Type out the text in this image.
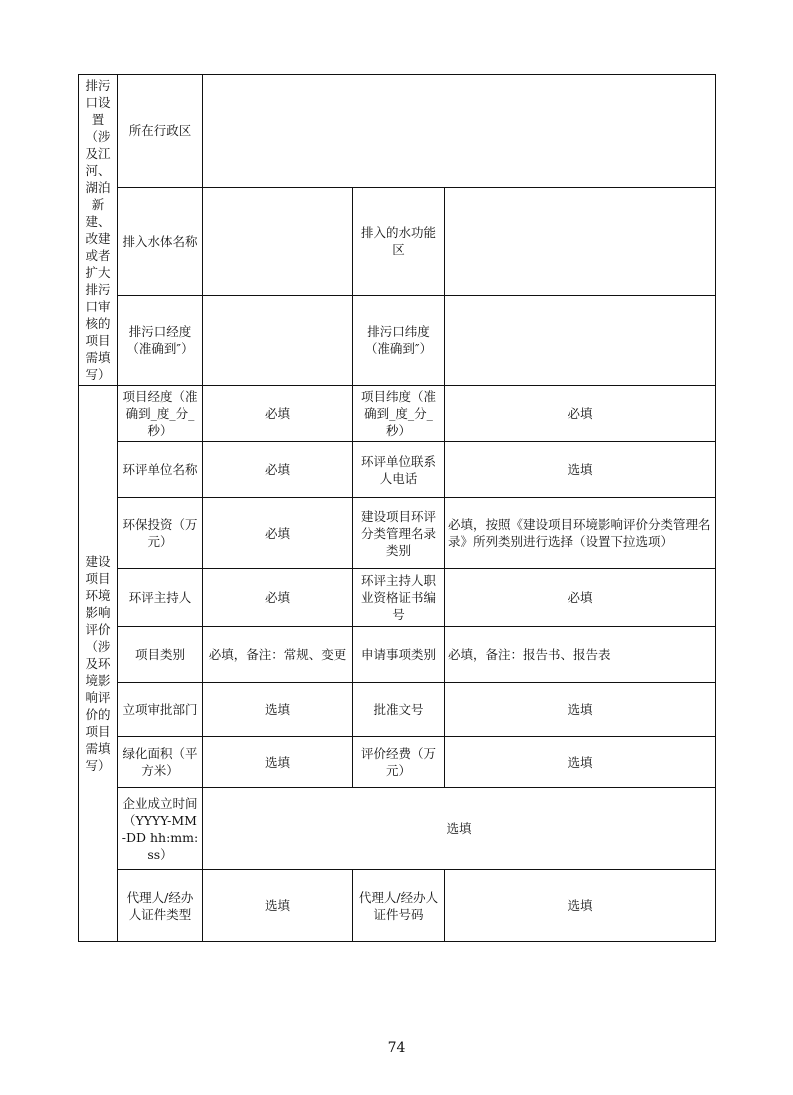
排污口设置（涉及江河、湖泊新建、改建或者扩大排污口审核的项目需填写）	所在行政区			
	排入水体名称		排入的水功能区	
	排污口经度（准确到″）		排污口纬度（准确到″）	
建设项目环境影响评价（涉及环境影响评价的项目需填写）	项目经度（准确到_度_分_秒）	必填	项目纬度（准确到_度_分_秒）	必填
	环评单位名称	必填	环评单位联系人电话	选填
	环保投资（万元）	必填	建设项目环评分类管理名录类别	必填，按照《建设项目环境影响评价分类管理名录》所列类别进行选择（设置下拉选项）
	环评主持人	必填	环评主持人职业资格证书编号	必填
	项目类别	必填，备注：常规、变更	申请事项类别	必填，备注：报告书、报告表
	立项审批部门	选填	批准文号	选填
	绿化面积（平方米）	选填	评价经费（万元）	选填
	企业成立时间（YYYY-MM-DD hh:mm:ss）	选填		
	代理人/经办人证件类型	选填	代理人/经办人证件号码	选填
74
